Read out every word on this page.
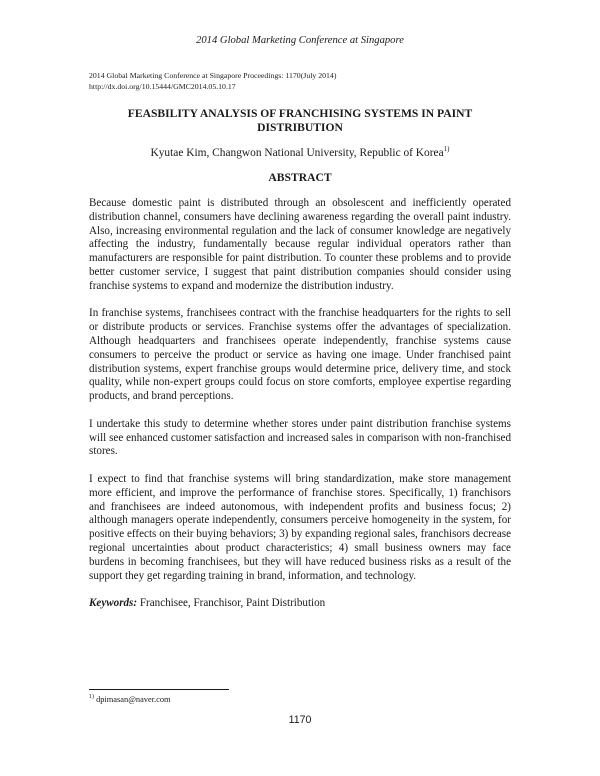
2014 Global Marketing Conference at Singapore
2014 Global Marketing Conference at Singapore Proceedings: 1170(July 2014)
http://dx.doi.org/10.15444/GMC2014.05.10.17
FEASBILITY ANALYSIS OF FRANCHISING SYSTEMS IN PAINT
DISTRIBUTION
Kyutae Kim, Changwon National University, Republic of Korea$^{1)}$
ABSTRACT

Because domestic paint is distributed through an obsolescent and inefficiently operated distribution channel, consumers have declining awareness regarding the overall paint industry. Also, increasing environmental regulation and the lack of consumer knowledge are negatively affecting the industry, fundamentally because regular individual operators rather than manufacturers are responsible for paint distribution. To counter these problems and to provide better customer service, I suggest that paint distribution companies should consider using franchise systems to expand and modernize the distribution industry.

In franchise systems, franchisees contract with the franchise headquarters for the rights to sell or distribute products or services. Franchise systems offer the advantages of specialization. Although headquarters and franchisees operate independently, franchise systems cause consumers to perceive the product or service as having one image. Under franchised paint distribution systems, expert franchise groups would determine price, delivery time, and stock quality, while non-expert groups could focus on store comforts, employee expertise regarding products, and brand perceptions.

I undertake this study to determine whether stores under paint distribution franchise systems will see enhanced customer satisfaction and increased sales in comparison with non-franchised stores.

I expect to find that franchise systems will bring standardization, make store management more efficient, and improve the performance of franchise stores. Specifically, 1) franchisors and franchisees are indeed autonomous, with independent profits and business focus; 2) although managers operate independently, consumers perceive homogeneity in the system, for positive effects on their buying behaviors; 3) by expanding regional sales, franchisors decrease regional uncertainties about product characteristics; 4) small business owners may face burdens in becoming franchisees, but they will have reduced business risks as a result of the support they get regarding training in brand, information, and technology.

Keywords: Franchisee, Franchisor, Paint Distribution

$^{1)}$ dpimasan@naver.com
1170
